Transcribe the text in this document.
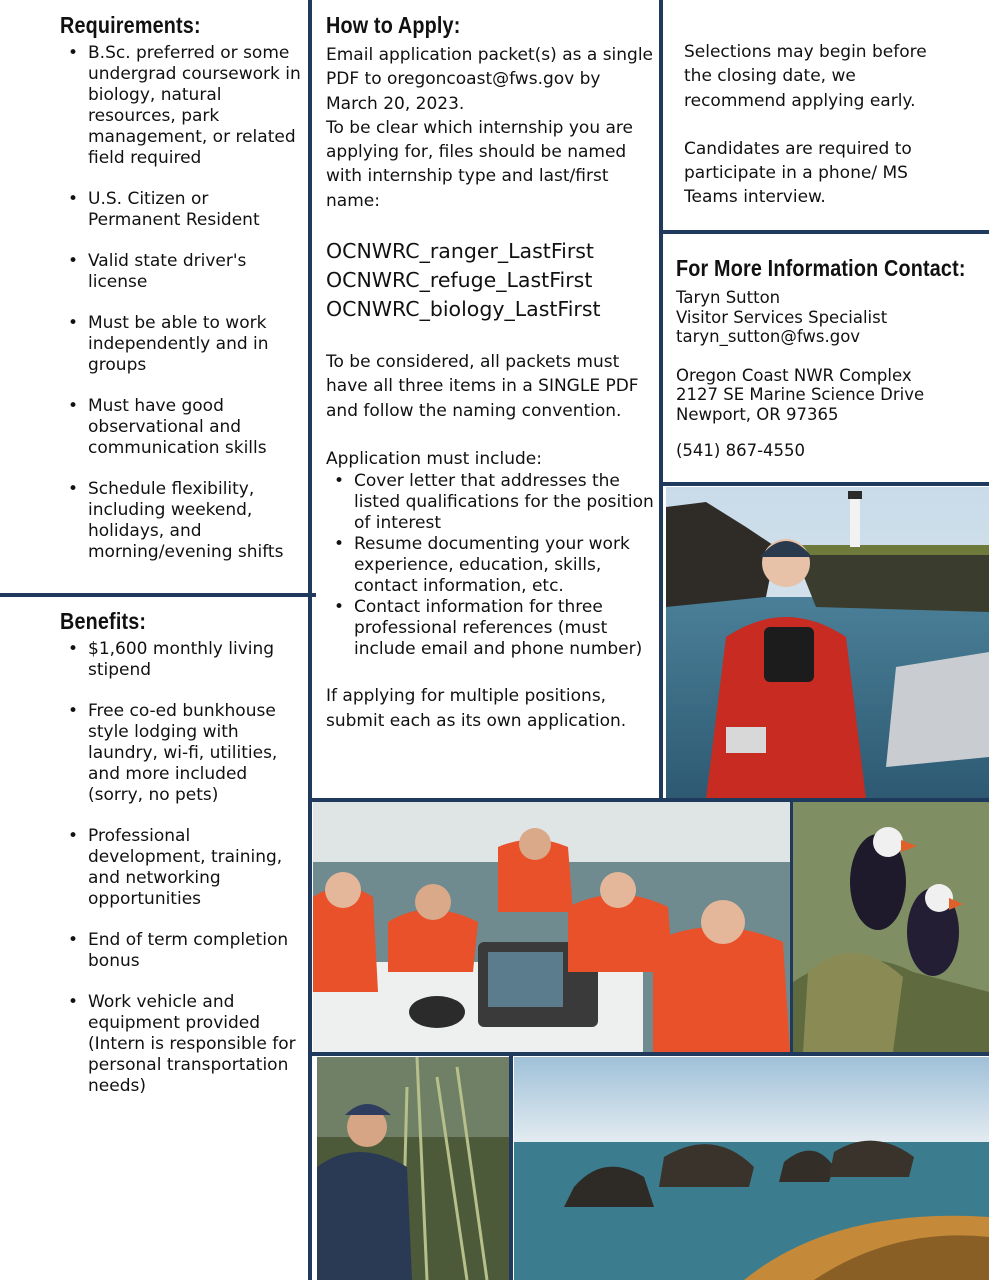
Requirements:
• B.Sc. preferred or some undergrad coursework in biology, natural resources, park management, or related field required
• U.S. Citizen or Permanent Resident
• Valid state driver's license
• Must be able to work independently and in groups
• Must have good observational and communication skills
• Schedule flexibility, including weekend, holidays, and morning/evening shifts
Benefits:
• $1,600 monthly living stipend
• Free co-ed bunkhouse style lodging with laundry, wi-fi, utilities, and more included (sorry, no pets)
• Professional development, training, and networking opportunities
• End of term completion bonus
• Work vehicle and equipment provided (Intern is responsible for personal transportation needs)
How to Apply:
Email application packet(s) as a single PDF to oregoncoast@fws.gov by March 20, 2023.
To be clear which internship you are applying for, files should be named with internship type and last/first name:
OCNWRC_ranger_LastFirst
OCNWRC_refuge_LastFirst
OCNWRC_biology_LastFirst
To be considered, all packets must have all three items in a SINGLE PDF and follow the naming convention.
Application must include:
• Cover letter that addresses the listed qualifications for the position of interest
• Resume documenting your work experience, education, skills, contact information, etc.
• Contact information for three professional references (must include email and phone number)
If applying for multiple positions, submit each as its own application.
Selections may begin before the closing date, we recommend applying early.
Candidates are required to participate in a phone/ MS Teams interview.
For More Information Contact:
Taryn Sutton
Visitor Services Specialist
taryn_sutton@fws.gov
Oregon Coast NWR Complex
2127 SE Marine Science Drive
Newport, OR 97365
(541) 867-4550
